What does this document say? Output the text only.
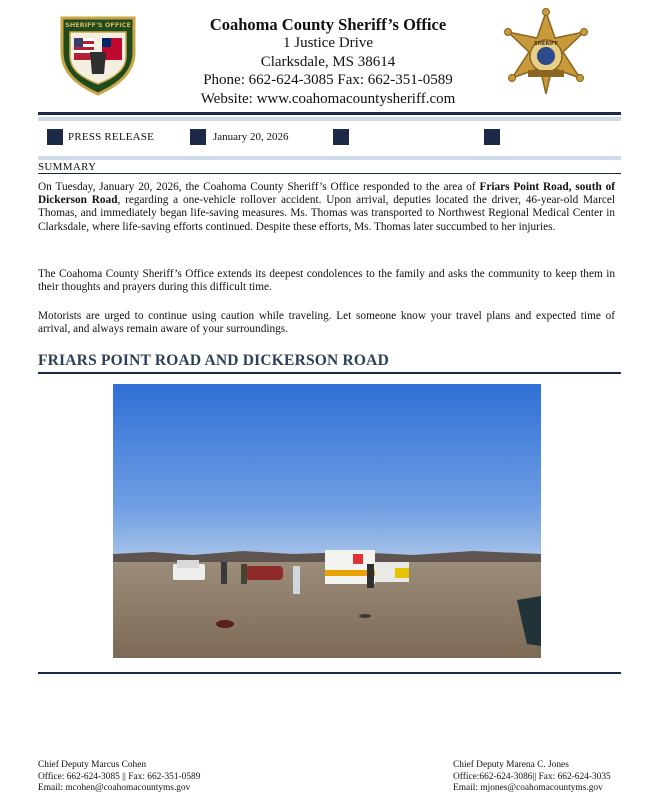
SHERIFF'S OFFICE	Coahoma County Sheriff’s Office
1 Justice Drive
Clarksdale, MS 38614
Phone: 662-624-3085 Fax: 662-351-0589
Website: www.coahomacountysheriff.com
SHERIFF
PRESS RELEASE	January 20, 2026
SUMMARY
On Tuesday, January 20, 2026, the Coahoma County Sheriff’s Office responded to the area of Friars Point Road, south of Dickerson Road, regarding a one-vehicle rollover accident. Upon arrival, deputies located the driver, 46-year-old Marcel Thomas, and immediately began life-saving measures. Ms. Thomas was transported to Northwest Regional Medical Center in Clarksdale, where life-saving efforts continued. Despite these efforts, Ms. Thomas later succumbed to her injuries.
The Coahoma County Sheriff’s Office extends its deepest condolences to the family and asks the community to keep them in their thoughts and prayers during this difficult time.
Motorists are urged to continue using caution while traveling. Let someone know your travel plans and expected time of arrival, and always remain aware of your surroundings.
FRIARS POINT ROAD AND DICKERSON ROAD
Chief Deputy Marcus Cohen
Office: 662-624-3085 || Fax: 662-351-0589
Email: mcohen@coahomacountyms.gov
Chief Deputy Marena C. Jones
Office:662-624-3086|| Fax: 662-624-3035
Email: mjones@coahomacountyms.gov
